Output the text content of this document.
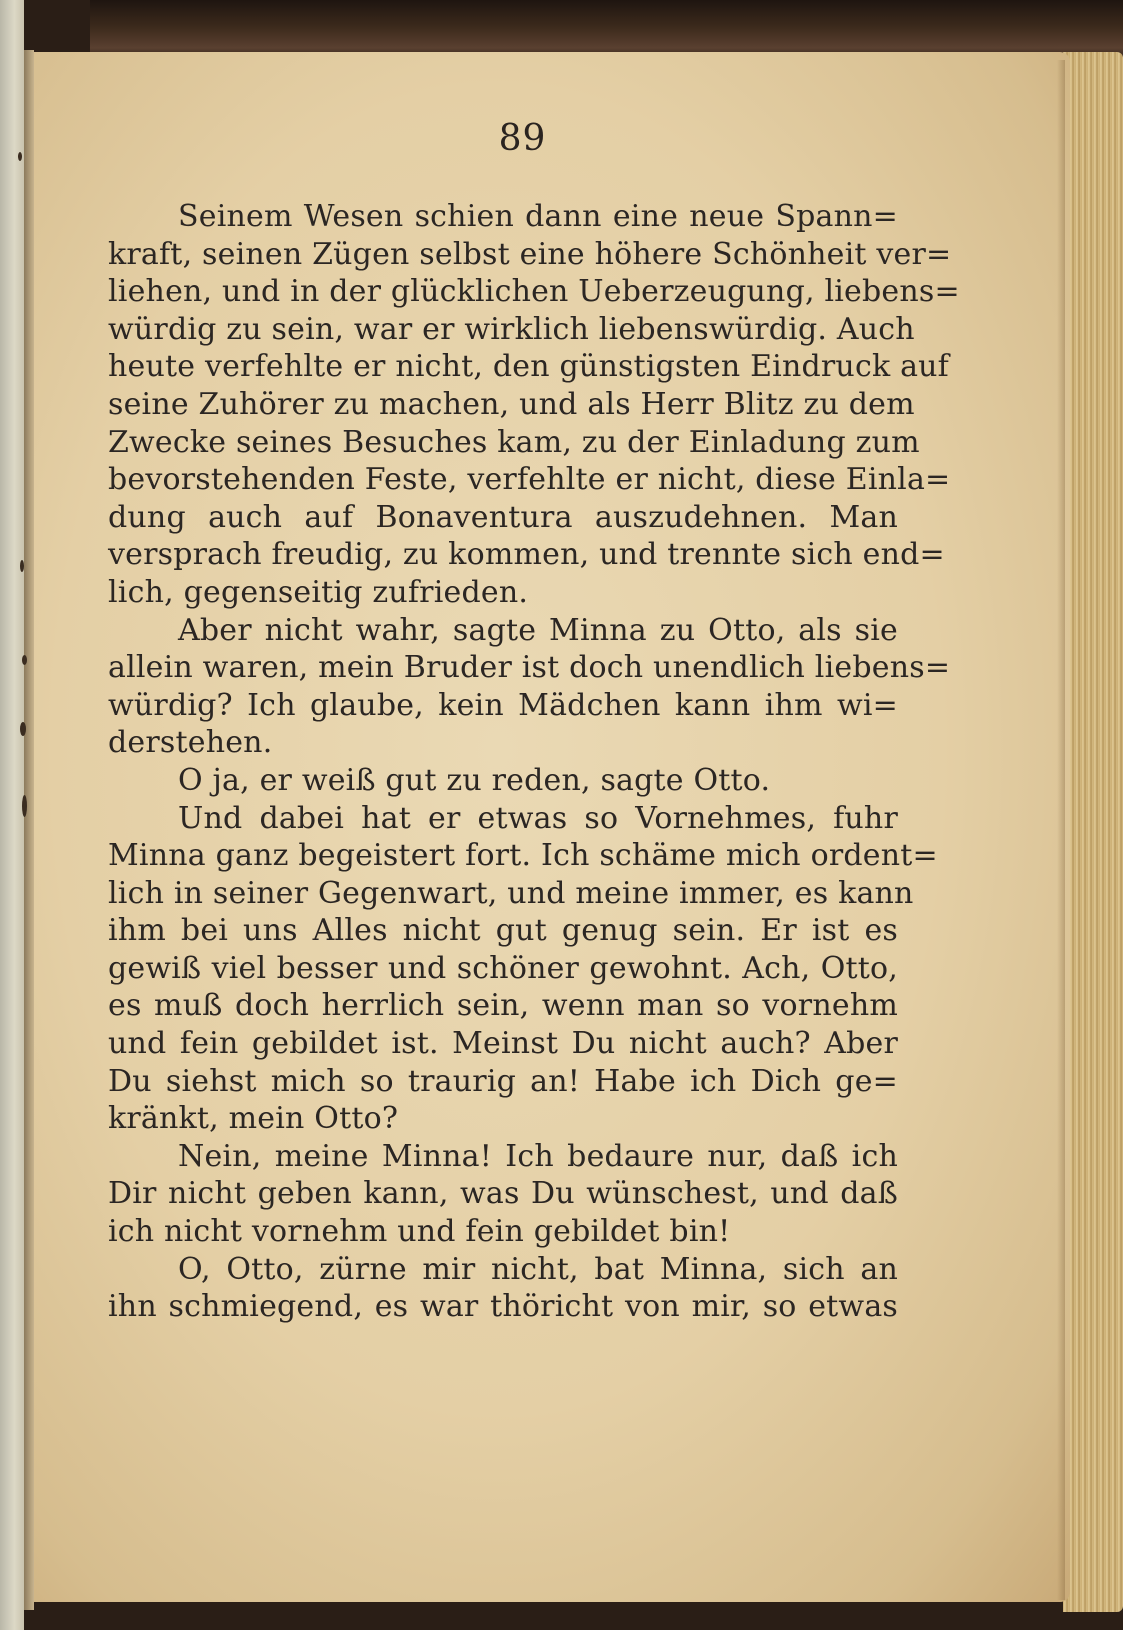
89
Seinem Wesen schien dann eine neue Spann=
kraft, seinen Zügen selbst eine höhere Schönheit ver=
liehen, und in der glücklichen Ueberzeugung, liebens=
würdig zu sein, war er wirklich liebenswürdig. Auch
heute verfehlte er nicht, den günstigsten Eindruck auf
seine Zuhörer zu machen, und als Herr Blitz zu dem
Zwecke seines Besuches kam, zu der Einladung zum
bevorstehenden Feste, verfehlte er nicht, diese Einla=
dung auch auf Bonaventura auszudehnen. Man
versprach freudig, zu kommen, und trennte sich end=
lich, gegenseitig zufrieden.
Aber nicht wahr, sagte Minna zu Otto, als sie
allein waren, mein Bruder ist doch unendlich liebens=
würdig? Ich glaube, kein Mädchen kann ihm wi=
derstehen.
O ja, er weiß gut zu reden, sagte Otto.
Und dabei hat er etwas so Vornehmes, fuhr
Minna ganz begeistert fort. Ich schäme mich ordent=
lich in seiner Gegenwart, und meine immer, es kann
ihm bei uns Alles nicht gut genug sein. Er ist es
gewiß viel besser und schöner gewohnt. Ach, Otto,
es muß doch herrlich sein, wenn man so vornehm
und fein gebildet ist. Meinst Du nicht auch? Aber
Du siehst mich so traurig an! Habe ich Dich ge=
kränkt, mein Otto?
Nein, meine Minna! Ich bedaure nur, daß ich
Dir nicht geben kann, was Du wünschest, und daß
ich nicht vornehm und fein gebildet bin!
O, Otto, zürne mir nicht, bat Minna, sich an
ihn schmiegend, es war thöricht von mir, so etwas
